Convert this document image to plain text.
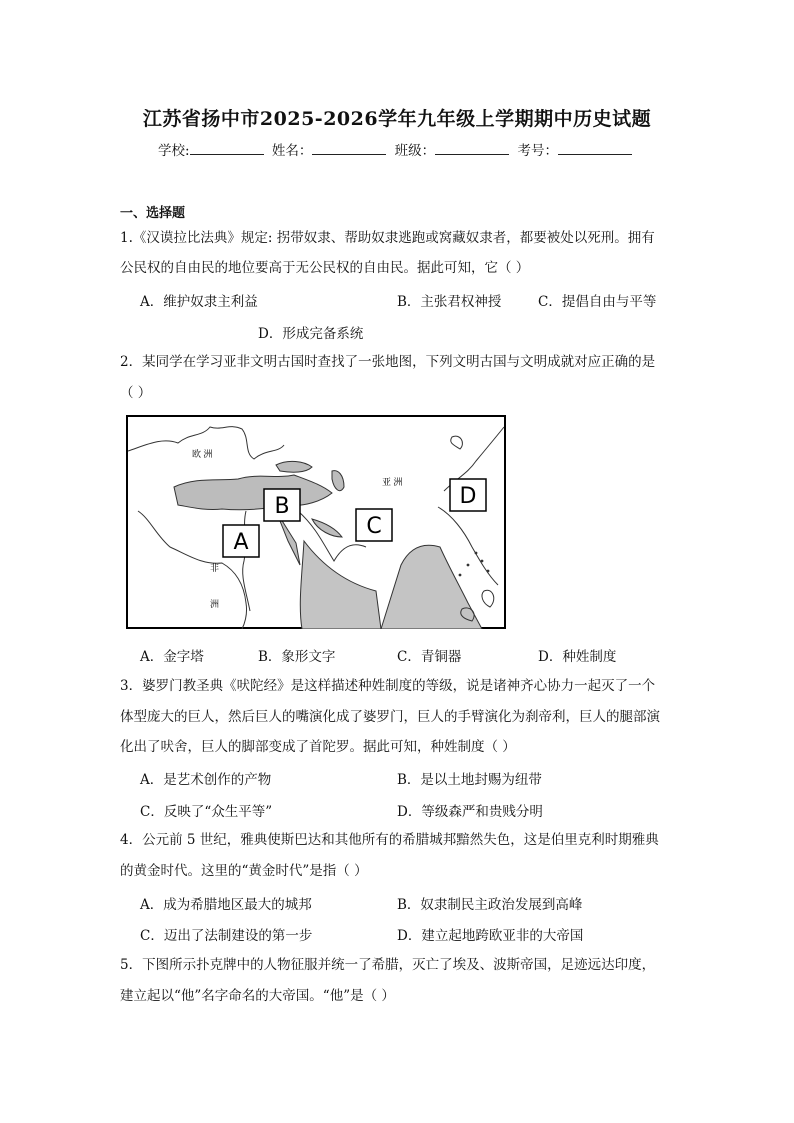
江苏省扬中市2025-2026学年九年级上学期期中历史试题
学校:	姓名：	班级：	考号：
一、选择题
1.《汉谟拉比法典》规定: 拐带奴隶、帮助奴隶逃跑或窝藏奴隶者，都要被处以死刑。拥有
公民权的自由民的地位要高于无公民权的自由民。据此可知，它（ ）
A．维护奴隶主利益	B．主张君权神授	C．提倡自由与平等
D．形成完备系统
2．某同学在学习亚非文明古国时查找了一张地图，下列文明古国与文明成就对应正确的是
（ ）
欧 洲
亚 洲
非
洲
A
B
C
D
A．金字塔	B．象形文字	C．青铜器	D．种姓制度
3．婆罗门教圣典《吠陀经》是这样描述种姓制度的等级，说是诸神齐心协力一起灭了一个
体型庞大的巨人，然后巨人的嘴演化成了婆罗门，巨人的手臂演化为刹帝利，巨人的腿部演
化出了吠舍，巨人的脚部变成了首陀罗。据此可知，种姓制度（ ）
A．是艺术创作的产物	B．是以土地封赐为纽带
C．反映了“众生平等”	D．等级森严和贵贱分明
4．公元前 5 世纪，雅典使斯巴达和其他所有的希腊城邦黯然失色，这是伯里克利时期雅典
的黄金时代。这里的“黄金时代”是指（ ）
A．成为希腊地区最大的城邦	B．奴隶制民主政治发展到高峰
C．迈出了法制建设的第一步	D．建立起地跨欧亚非的大帝国
5．下图所示扑克牌中的人物征服并统一了希腊，灭亡了埃及、波斯帝国，足迹远达印度，
建立起以“他”名字命名的大帝国。“他”是（ ）
